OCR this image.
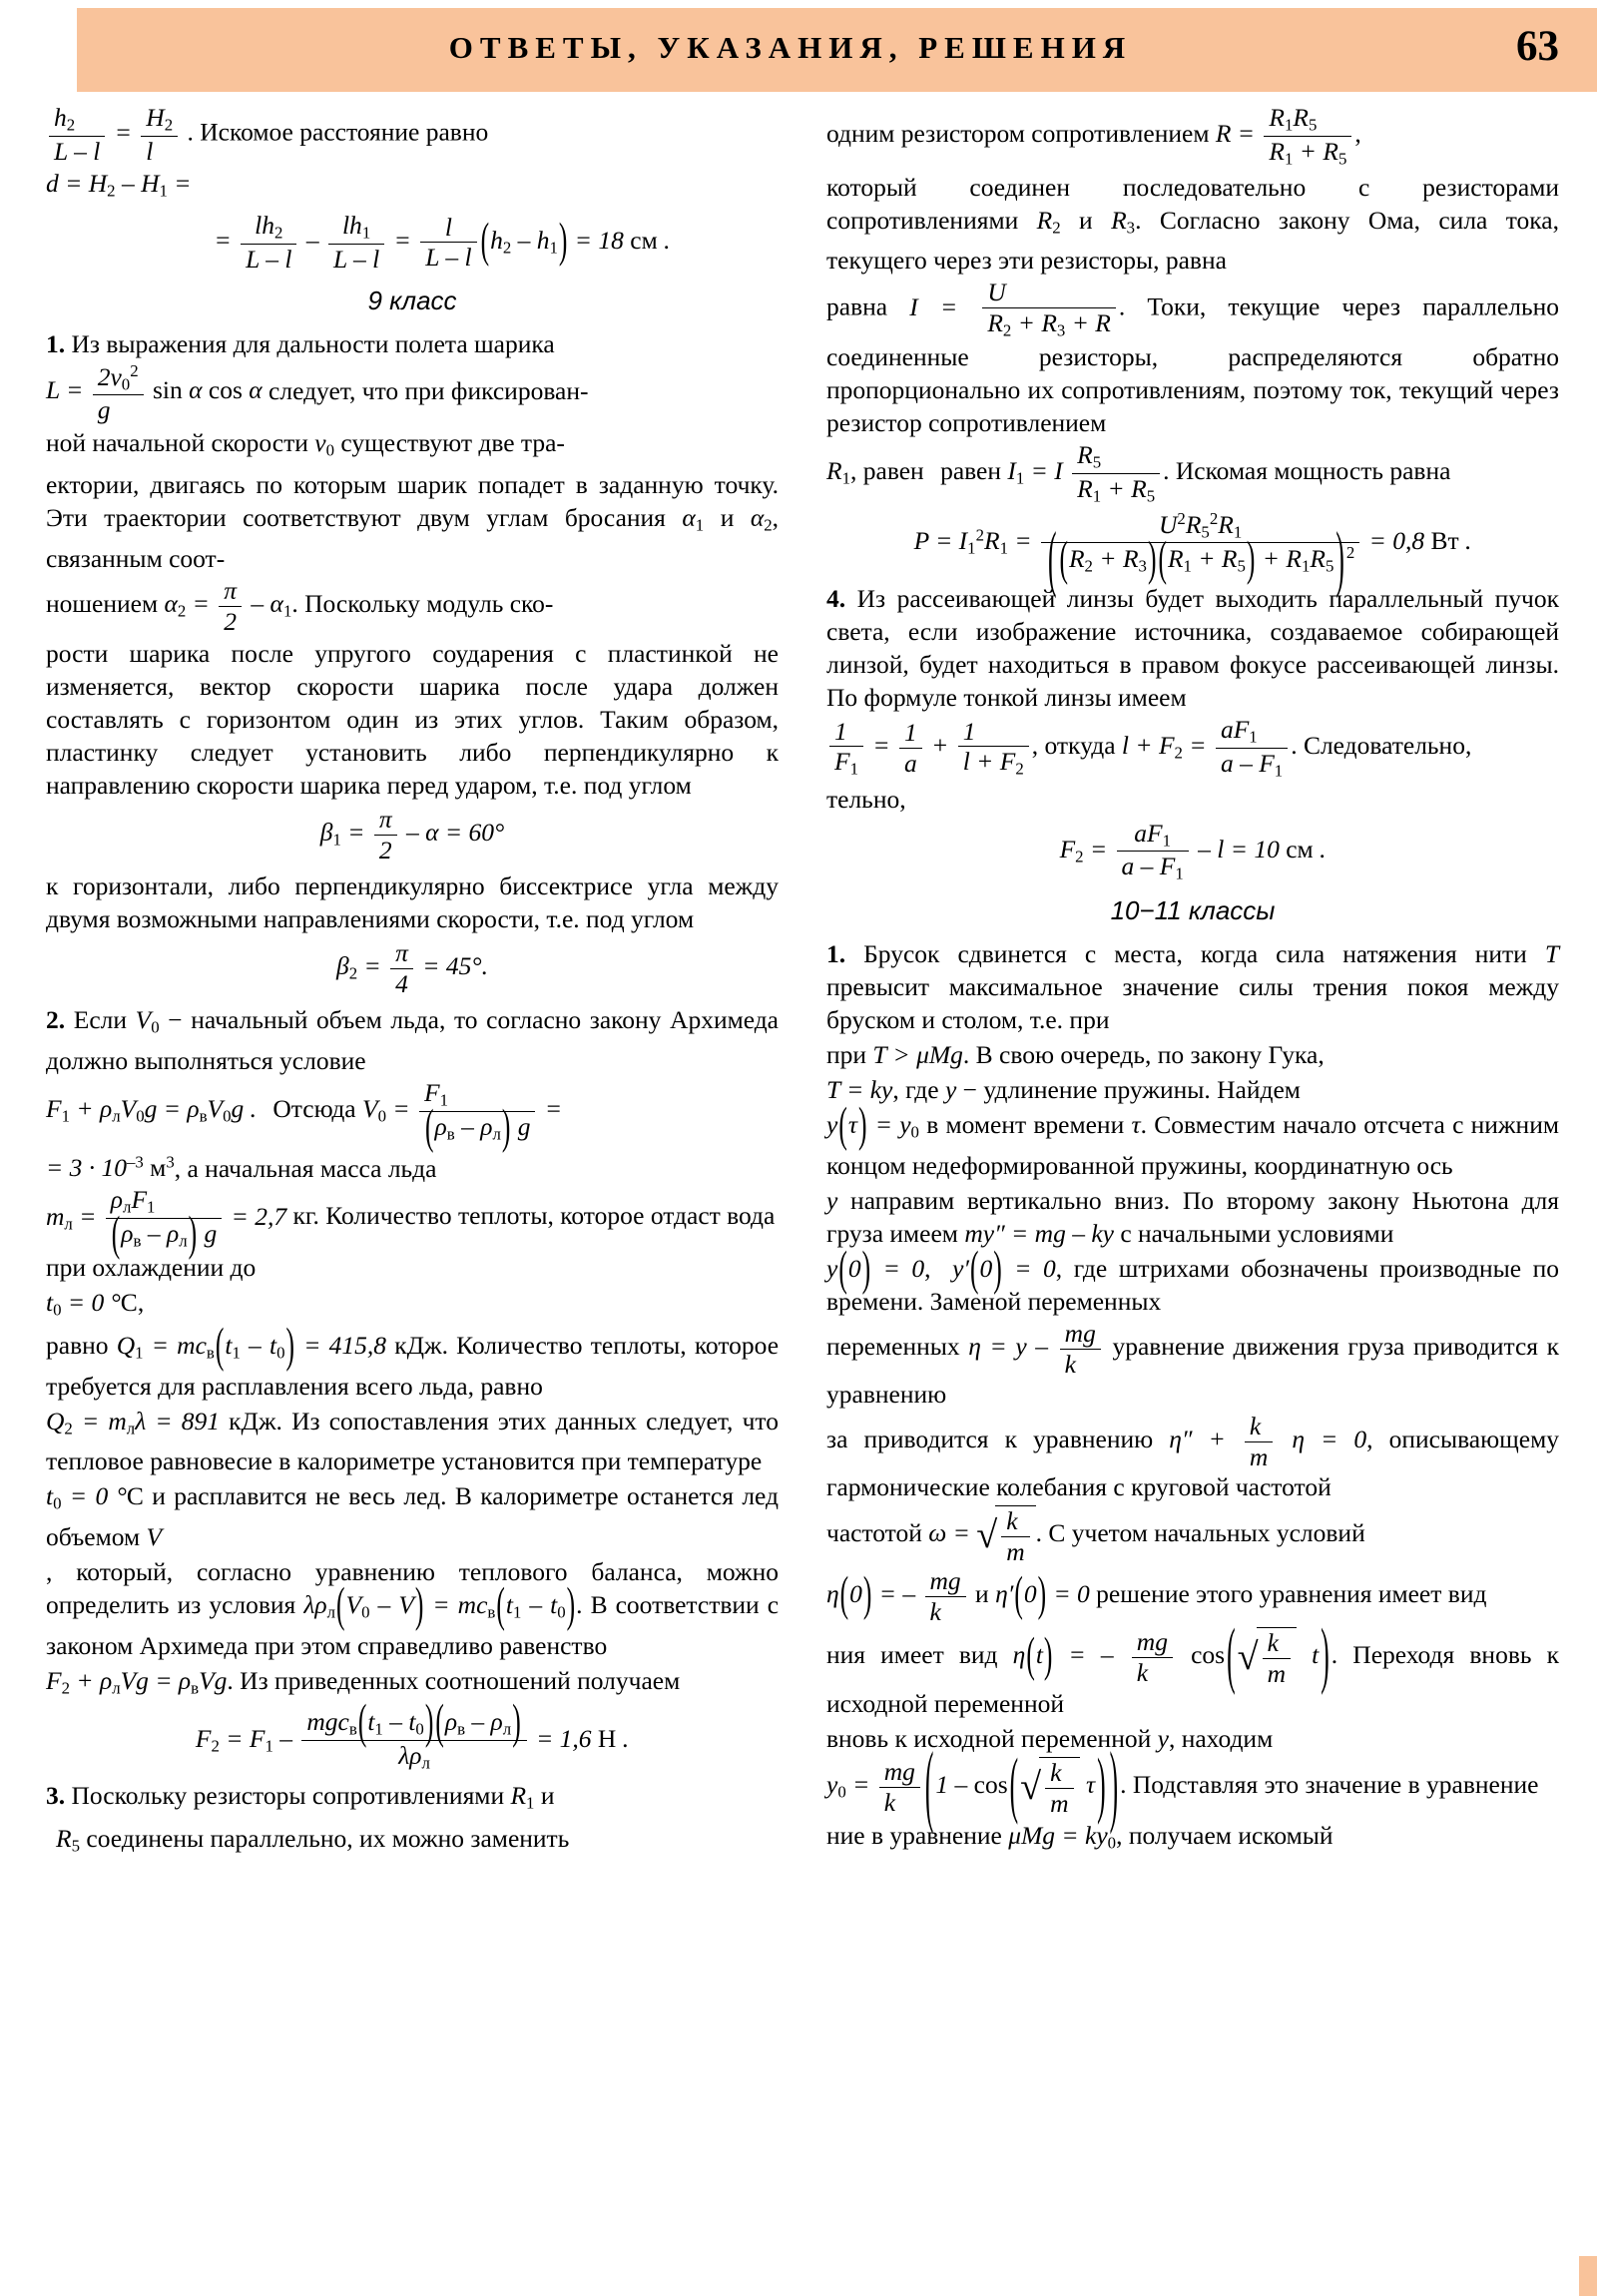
ОТВЕТЫ, УКАЗАНИЯ, РЕШЕНИЯ	63

$\frac{h_2}{L - l} = \frac{H_2}{l}$ . Искомое расстояние равно

$d = H_2 - H_1$ =

= $\frac{lh_2}{L - l} - \frac{lh_1}{L - l} = \frac{l}{L - l} (h_2 - h_1) = 18$ см .
9 класс

1. Из выражения для дальности полета шарика

$L = \frac{2v_0^2}{g}$ sin α cos α следует, что при фиксирован-

ной начальной скорости $v_0$ существуют две тра-

ектории, двигаясь по которым шарик попадет в заданную точку. Эти траектории соответствуют двум углам бросания $\alpha_1$ и $\alpha_2$, связанным соот-

ношением $\alpha_2 = \frac{\pi}{2} - \alpha_1$. Поскольку модуль ско-

рости шарика после упругого соударения с пластинкой не изменяется, вектор скорости шарика после удара должен составлять с горизонтом один из этих углов. Таким образом, пластинку следует установить либо перпендикулярно к направлению скорости шарика перед ударом, т.е. под углом

$\beta_1 = \frac{\pi}{2} - \alpha = 60^\circ$

к горизонтали, либо перпендикулярно биссектрисе угла между двумя возможными направлениями скорости, т.е. под углом

$\beta_2 = \frac{\pi}{4} = 45^\circ$.

2. Если $V_0$ − начальный объем льда, то согласно закону Архимеда должно выполняться условие

$F_1 + \rho_лV_0g = \rho_вV_0g$ . Отсюда $V_0 = \frac{F_1}{(\rho_в - \rho_л) g}$ =

= $3 \cdot 10^{-3}$ $м^3$, а начальная масса льда

$m_л = \frac{\rho_лF_1}{(\rho_в - \rho_л) g} = 2,7$ кг. Количество теплоты, которое отдаст вода при охлаждении до

$t_0 = 0$ °C,

равно $Q_1 = mc_в(t_1 - t_0) = 415,8$ кДж. Количество теплоты, которое требуется для расплавления всего льда, равно

$Q_2 = m_л\lambda = 891$ кДж. Из сопоставления этих данных следует, что тепловое равновесие в калориметре установится при температуре

$t_0 = 0$ °C и расплавится не весь лед. В калориметре останется лед объемом V

, который, согласно уравнению теплового баланса, можно определить из условия $\lambda\rho_л(V_0 - V) = mc_в(t_1 - t_0)$. В соответствии с законом Архимеда при этом справедливо равенство

$F_2 + \rho_лVg = \rho_вVg$. Из приведенных соотношений получаем

$F_2 = F_1 - \frac{mgc_в(t_1 - t_0)(\rho_в - \rho_л)}{\lambda\rho_л} = 1,6$ Н .

3. Поскольку резисторы сопротивлениями $R_1$ и

$R_5$ соединены параллельно, их можно заменить

одним резистором сопротивлением $R = \frac{R_1R_5}{R_1 + R_5}$ ,

который соединен последовательно с резисторами сопротивлениями $R_2$ и $R_3$. Согласно закону Ома, сила тока, текущего через эти резисторы, равна

равна $I = \frac{U}{R_2 + R_3 + R}$ . Токи, текущие через параллельно соединенные резисторы, распределяются обратно пропорционально их сопротивлениям, поэтому ток, текущий через резистор сопротивлением

$R_1$, равен равен $I_1 = I \frac{R_5}{R_1 + R_5}$ . Искомая мощность равна

$P = I_1^2R_1 = \frac{U^2R_5^2R_1}{( (R_2 + R_3)(R_1 + R_5) + R_1R_5) ^2} = 0,8$ Вт .

4. Из рассеивающей линзы будет выходить параллельный пучок света, если изображение источника, создаваемое собирающей линзой, будет находиться в правом фокусе рассеивающей линзы. По формуле тонкой линзы имеем

$\frac{1}{F_1} = \frac{1}{a} + \frac{1}{l + F_2}$ , откуда $l + F_2 = \frac{aF_1}{a - F_1}$ . Следовательно,

тельно,

$F_2 = \frac{aF_1}{a - F_1} - l = 10$ см .
10−11 классы

1. Брусок сдвинется с места, когда сила натяжения нити T превысит максимальное значение силы трения покоя между бруском и столом, т.е. при

при T > μMg. В свою очередь, по закону Гука,

T = ky, где y − удлинение пружины. Найдем

$y(\tau) = y_0$ в момент времени τ. Совместим начало отсчета с нижним концом недеформированной пружины, координатную ось

y направим вертикально вниз. По второму закону Ньютона для груза имеем my″ = mg – ky с начальными условиями

y(0) = 0, y′(0) = 0, где штрихами обозначены производные по времени. Заменой переменных

переменных $\eta = y - \frac{mg}{k}$ уравнение движения груза приводится к уравнению

за приводится к уравнению $\eta'' + \frac{k}{m}$ η = 0, описывающему гармонические колебания с круговой частотой

частотой ω = √ $\frac{k}{m}$ . С учетом начальных условий

η(0) = – $\frac{mg}{k}$ и η′(0) = 0 решение этого уравнения имеет вид

ния имеет вид η(t) = – $\frac{mg}{k} \cos(√ \frac{k}{m} t)$. Переходя вновь к исходной переменной

вновь к исходной переменной y, находим

$y_0 = \frac{mg}{k} (1 - \cos(√ \frac{k}{m} \tau)$ ). Подставляя это значение в уравнение

ние в уравнение $\mu Mg = ky_0$, получаем искомый
